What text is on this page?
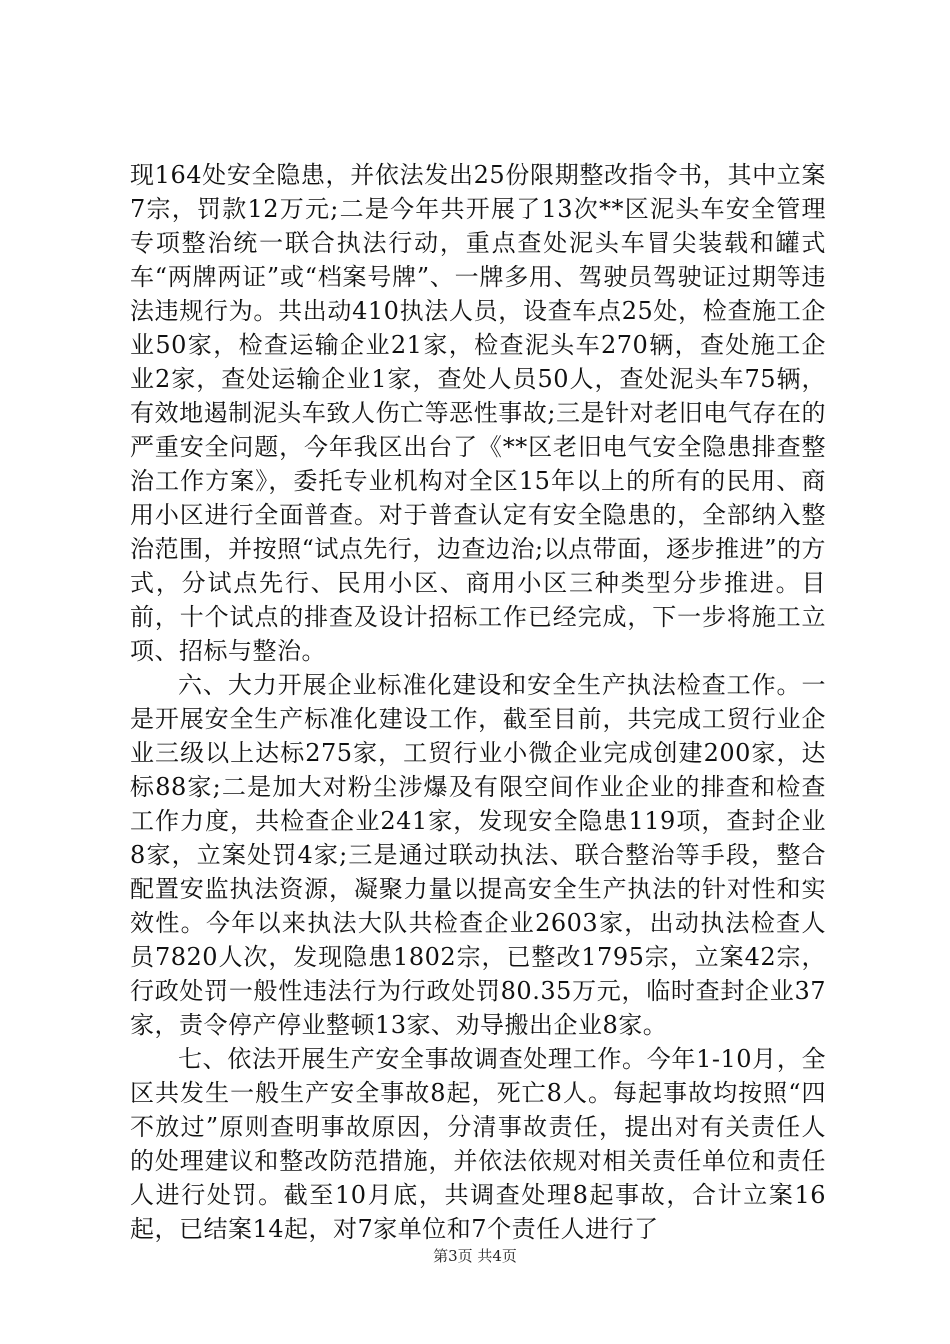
现164处安全隐患，并依法发出25份限期整改指令书，其中立案7宗，罚款12万元;二是今年共开展了13次**区泥头车安全管理专项整治统一联合执法行动，重点查处泥头车冒尖装载和罐式车“两牌两证”或“档案号牌”、一牌多用、驾驶员驾驶证过期等违法违规行为。共出动410执法人员，设查车点25处，检查施工企业50家，检查运输企业21家，检查泥头车270辆，查处施工企业2家，查处运输企业1家，查处人员50人，查处泥头车75辆，有效地遏制泥头车致人伤亡等恶性事故;三是针对老旧电气存在的严重安全问题，今年我区出台了《**区老旧电气安全隐患排查整治工作方案》，委托专业机构对全区15年以上的所有的民用、商用小区进行全面普查。对于普查认定有安全隐患的，全部纳入整治范围，并按照“试点先行，边查边治;以点带面，逐步推进”的方式，分试点先行、民用小区、商用小区三种类型分步推进。目前，十个试点的排查及设计招标工作已经完成，下一步将施工立项、招标与整治。

六、大力开展企业标准化建设和安全生产执法检查工作。一是开展安全生产标准化建设工作，截至目前，共完成工贸行业企业三级以上达标275家，工贸行业小微企业完成创建200家，达标88家;二是加大对粉尘涉爆及有限空间作业企业的排查和检查工作力度，共检查企业241家，发现安全隐患119项，查封企业8家，立案处罚4家;三是通过联动执法、联合整治等手段，整合配置安监执法资源，凝聚力量以提高安全生产执法的针对性和实效性。今年以来执法大队共检查企业2603家，出动执法检查人员7820人次，发现隐患1802宗，已整改1795宗，立案42宗，行政处罚一般性违法行为行政处罚80.35万元，临时查封企业37家，责令停产停业整顿13家、劝导搬出企业8家。

七、依法开展生产安全事故调查处理工作。今年1-10月，全区共发生一般生产安全事故8起，死亡8人。每起事故均按照“四不放过”原则查明事故原因，分清事故责任，提出对有关责任人的处理建议和整改防范措施，并依法依规对相关责任单位和责任人进行处罚。截至10月底，共调查处理8起事故，合计立案16起，已结案14起，对7家单位和7个责任人进行了

第3页 共4页
